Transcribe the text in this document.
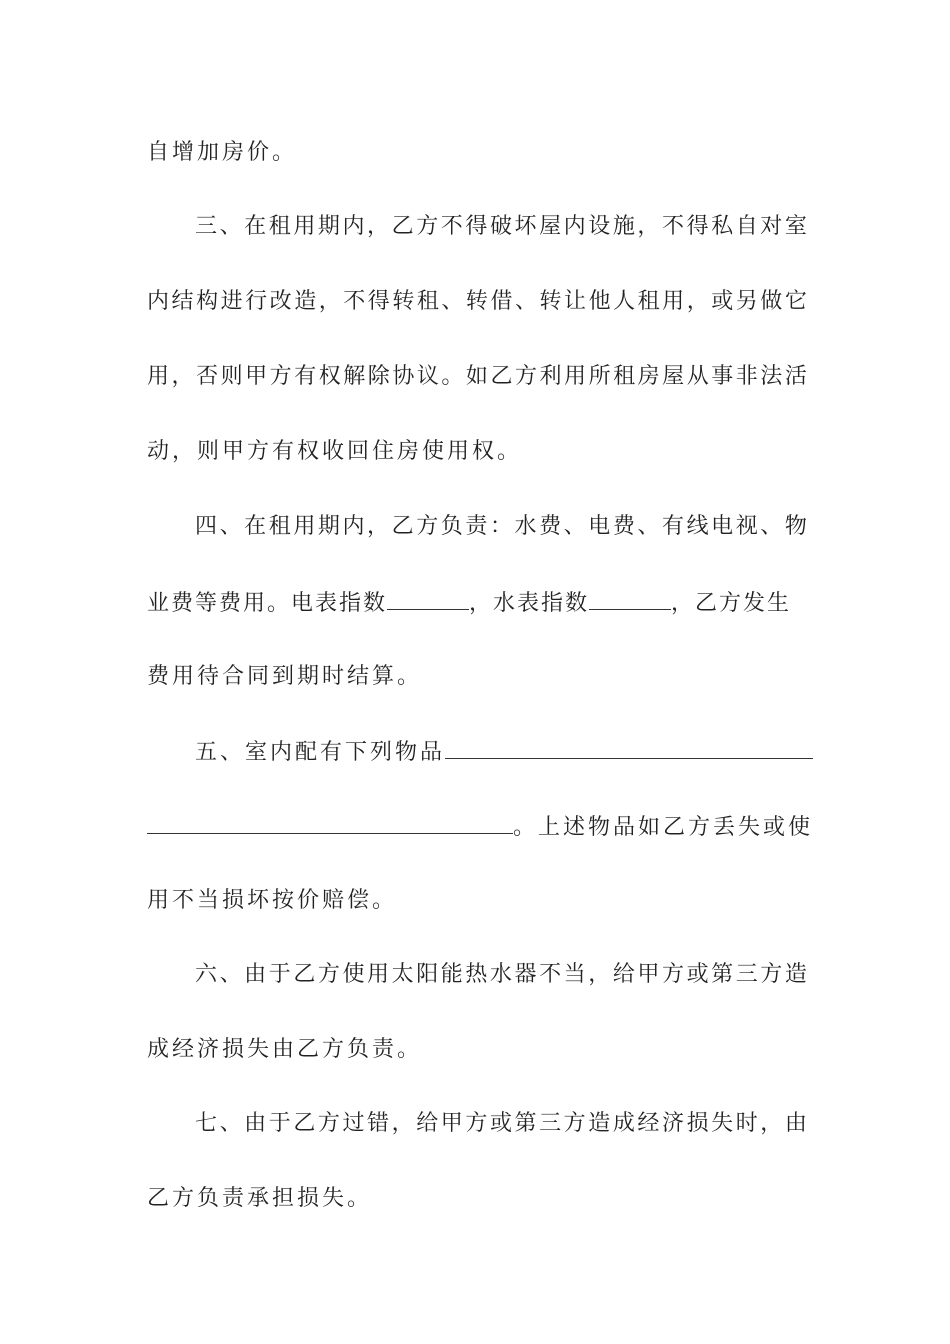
自增加房价。
三 、 在 租 用 期 内 ， 乙 方 不 得 破 坏 屋 内 设 施 ， 不 得 私 自 对 室
内 结 构 进 行 改 造 ， 不 得 转 租 、 转 借 、 转 让 他 人 租 用 ， 或 另 做 它
用 ， 否 则 甲 方 有 权 解 除 协 议 。 如 乙 方 利 用 所 租 房 屋 从 事 非 法 活
动，则甲方有权收回住房使用权。
四 、 在 租 用 期 内 ， 乙 方 负 责 ： 水 费 、 电 费 、 有 线 电 视 、 物
业费等费用。电表指数	，水表指数	，乙方发生
费用待合同到期时结算。
五、室内配有下列物品
。上述物品如乙方丢失或使
用不当损坏按价赔偿。
六 、 由 于 乙 方 使 用 太 阳 能 热 水 器 不 当 ， 给 甲 方 或 第 三 方 造
成经济损失由乙方负责。
七 、 由 于 乙 方 过 错 ， 给 甲 方 或 第 三 方 造 成 经 济 损 失 时 ， 由
乙方负责承担损失。
